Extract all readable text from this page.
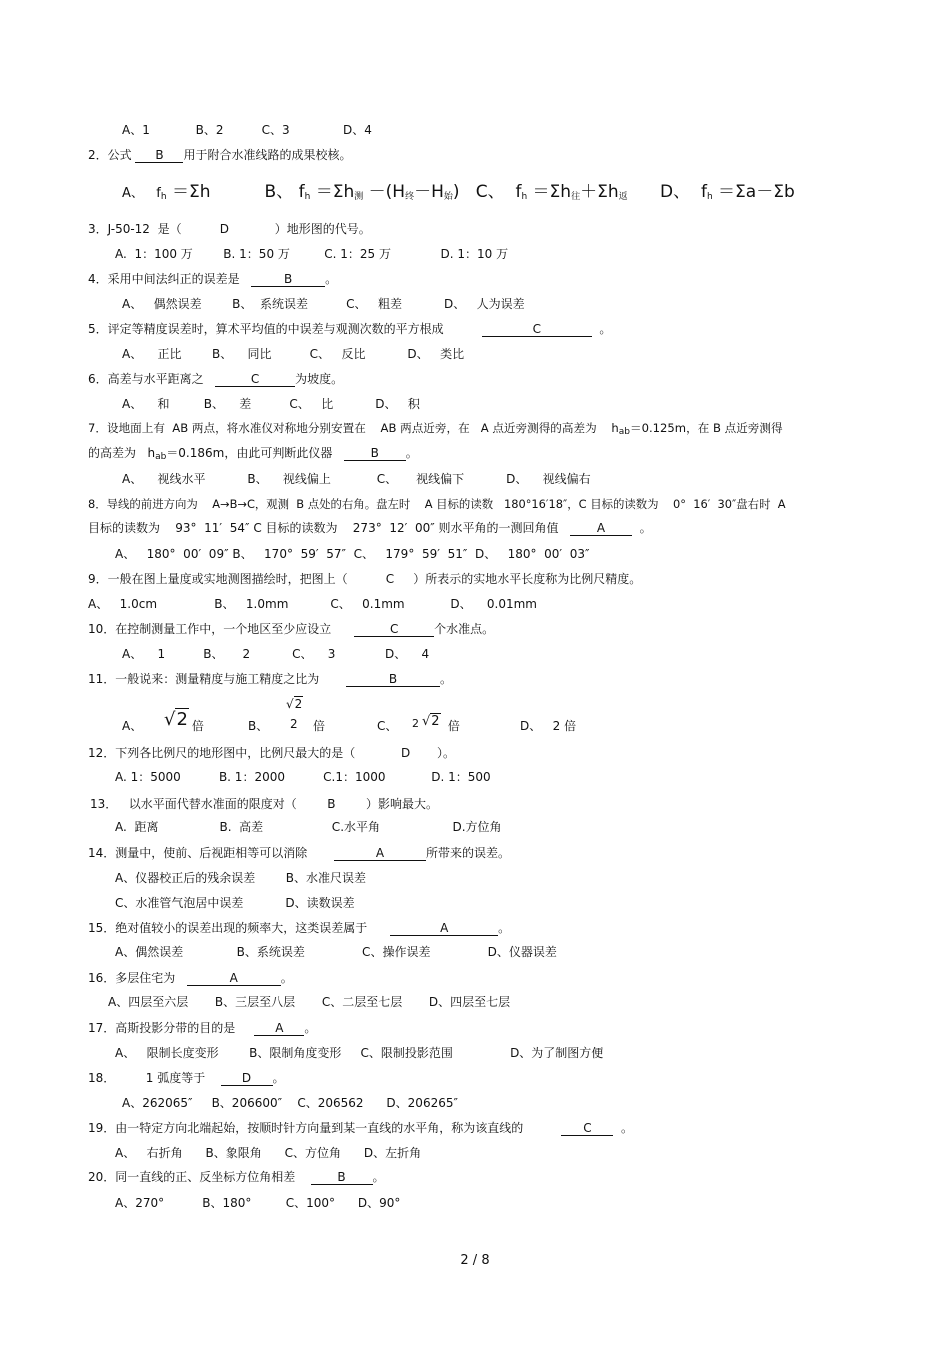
A、1            B、2          C、3              D、4
2．公式 B 用于附合水准线路的成果校核。
A、   $f_h =\Sigma h$          B、 $f_h =\Sigma h_测 -(H_终-H_始)$   C、  $f_h =\Sigma h_往+\Sigma h_返$      D、  $f_h =\Sigma a-\Sigma b$
3．J-50-12  是（          D            ）地形图的代号。
A.  1：100 万        B. 1：50 万         C. 1：25 万             D. 1：10 万
4．采用中间法纠正的误差是	B	。
A、   偶然误差        B、  系统误差          C、   粗差           D、   人为误差
5．评定等精度误差时，算术平均值的中误差与观测次数的平方根成	C	。
A、    正比        B、    同比          C、   反比           D、   类比
6．高差与水平距离之	C	为坡度。
A、    和         B、    差          C、   比           D、   积
7．设地面上有  AB 两点，将水准仪对称地分别安置在    AB 两点近旁，在   A 点近旁测得的高差为    $h_{ab}=0.125m$，在 B 点近旁测得
的高差为   $h_{ab}=0.186m$，由此可判断此仪器   B 。
A、    视线水平           B、    视线偏上            C、     视线偏下           D、    视线偏右
8．导线的前进方向为    A→B→C，观测  B 点处的右角。盘左时    A 目标的读数   180°16′18″，C 目标的读数为    0°  16′  30″盘右时  A
目标的读数为    93°  11′  54″ C 目标的读数为    273°  12′  00″ 则水平角的一测回角值   A  。
A、   180°  00′  09″ B、   170°  59′  57″  C、   179°  59′  51″  D、   180°  00′  03″
9．一般在图上量度或实地测图描绘时，把图上（          C     ）所表示的实地水平长度称为比例尺精度。
A、   1.0cm               B、   1.0mm           C、   0.1mm            D、    0.01mm
10．在控制测量工作中，一个地区至少应设立	C	个水准点。
A、    1          B、     2           C、    3             D、    4
11．一般说来：测量精度与施工精度之比为	B	。
A、 √2 倍	B、
√2
2 倍	C、 2 √2 倍	D、   2 倍
12．下列各比例尺的地形图中，比例尺最大的是（            D       ）。
A. 1：5000          B. 1：2000          C.1：1000            D. 1：500
13．   以水平面代替水准面的限度对（        B        ）影响最大。
A.  距离                B.  高差                  C.水平角                   D.方位角
14．测量中，使前、后视距相等可以消除	A	所带来的误差。
A、仪器校正后的残余误差        B、水准尺误差
C、水准管气泡居中误差           D、读数误差
15．绝对值较小的误差出现的频率大，这类误差属于	A	。
A、偶然误差              B、系统误差               C、操作误差               D、仪器误差
16．多层住宅为	A	。
A、四层至六层       B、三层至八层       C、二层至七层       D、四层至七层
17．高斯投影分带的目的是     A 。
A、   限制长度变形        B、限制角度变形     C、限制投影范围               D、为了制图方便
18．        1 弧度等于    D 。
A、262065″     B、206600″    C、206562      D、206265″
19．由一特定方向北端起始，按顺时针方向量到某一直线的水平角，称为该直线的          C  。
A、   右折角      B、象限角      C、方位角      D、左折角
20．同一直线的正、反坐标方位角相差    B 。
A、270°          B、180°         C、100°      D、90°
2 / 8
